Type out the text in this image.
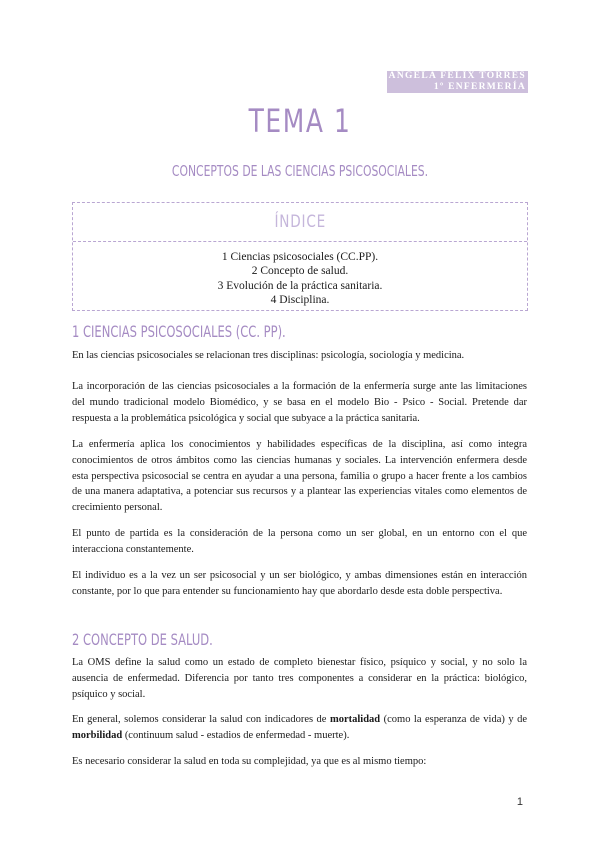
ANGELA FELIX TORRES
1º ENFERMERÍA
TEMA 1
CONCEPTOS DE LAS CIENCIAS PSICOSOCIALES.
ÍNDICE
1 Ciencias psicosociales (CC.PP).
2 Concepto de salud.
3 Evolución de la práctica sanitaria.
4 Disciplina.
1 CIENCIAS PSICOSOCIALES (CC. PP).

En las ciencias psicosociales se relacionan tres disciplinas: psicología, sociología y medicina.

La incorporación de las ciencias psicosociales a la formación de la enfermería surge ante las limitaciones del mundo tradicional modelo Biomédico, y se basa en el modelo Bio - Psico - Social. Pretende dar respuesta a la problemática psicológica y social que subyace a la práctica sanitaria.

La enfermería aplica los conocimientos y habilidades específicas de la disciplina, así como integra conocimientos de otros ámbitos como las ciencias humanas y sociales. La intervención enfermera desde esta perspectiva psicosocial se centra en ayudar a una persona, familia o grupo a hacer frente a los cambios de una manera adaptativa, a potenciar sus recursos y a plantear las experiencias vitales como elementos de crecimiento personal.

El punto de partida es la consideración de la persona como un ser global, en un entorno con el que interacciona constantemente.

El individuo es a la vez un ser psicosocial y un ser biológico, y ambas dimensiones están en interacción constante, por lo que para entender su funcionamiento hay que abordarlo desde esta doble perspectiva.

2 CONCEPTO DE SALUD.

La OMS define la salud como un estado de completo bienestar físico, psíquico y social, y no solo la ausencia de enfermedad. Diferencia por tanto tres componentes a considerar en la práctica: biológico, psíquico y social.

En general, solemos considerar la salud con indicadores de mortalidad (como la esperanza de vida) y de morbilidad (continuum salud - estadios de enfermedad - muerte).

Es necesario considerar la salud en toda su complejidad, ya que es al mismo tiempo:

1
